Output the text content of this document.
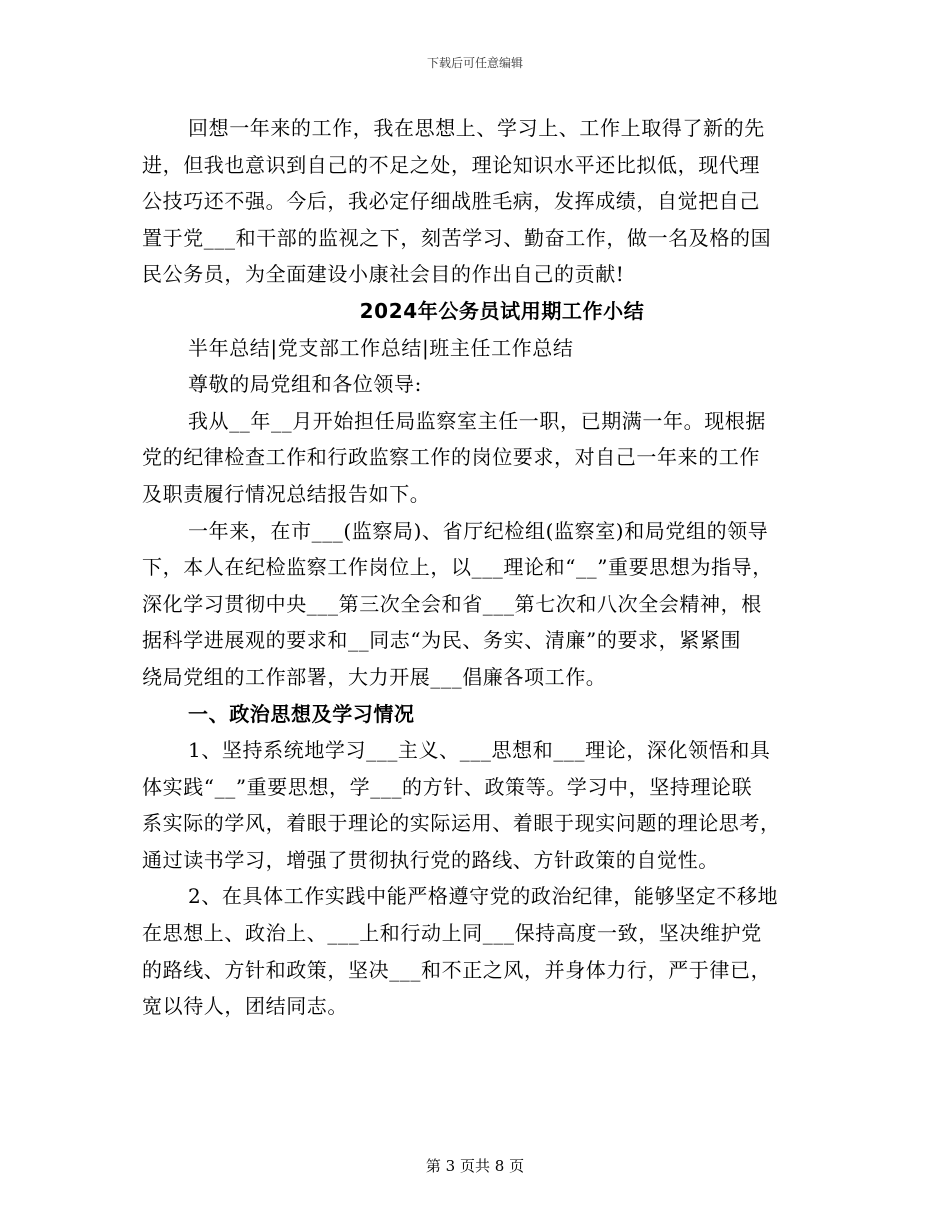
下载后可任意编辑
回想一年来的工作，我在思想上、学习上、工作上取得了新的先
进，但我也意识到自己的不足之处，理论知识水平还比拟低，现代理
公技巧还不强。今后，我必定仔细战胜毛病，发挥成绩，自觉把自己
置于党___和干部的监视之下，刻苦学习、勤奋工作，做一名及格的国
民公务员，为全面建设小康社会目的作出自己的贡献!
2024年公务员试用期工作小结
半年总结|党支部工作总结|班主任工作总结
尊敬的局党组和各位领导:
我从__年__月开始担任局监察室主任一职，已期满一年。现根据
党的纪律检查工作和行政监察工作的岗位要求，对自己一年来的工作
及职责履行情况总结报告如下。
一年来，在市___(监察局)、省厅纪检组(监察室)和局党组的领导
下，本人在纪检监察工作岗位上，以___理论和“__”重要思想为指导，
深化学习贯彻中央___第三次全会和省___第七次和八次全会精神，根
据科学进展观的要求和__同志“为民、务实、清廉”的要求，紧紧围
绕局党组的工作部署，大力开展___倡廉各项工作。
一、政治思想及学习情况
1、坚持系统地学习___主义、___思想和___理论，深化领悟和具
体实践“__”重要思想，学___的方针、政策等。学习中，坚持理论联
系实际的学风，着眼于理论的实际运用、着眼于现实问题的理论思考，
通过读书学习，增强了贯彻执行党的路线、方针政策的自觉性。
2、在具体工作实践中能严格遵守党的政治纪律，能够坚定不移地
在思想上、政治上、___上和行动上同___保持高度一致，坚决维护党
的路线、方针和政策，坚决___和不正之风，并身体力行，严于律已，
宽以待人，团结同志。
第 3 页共 8 页
